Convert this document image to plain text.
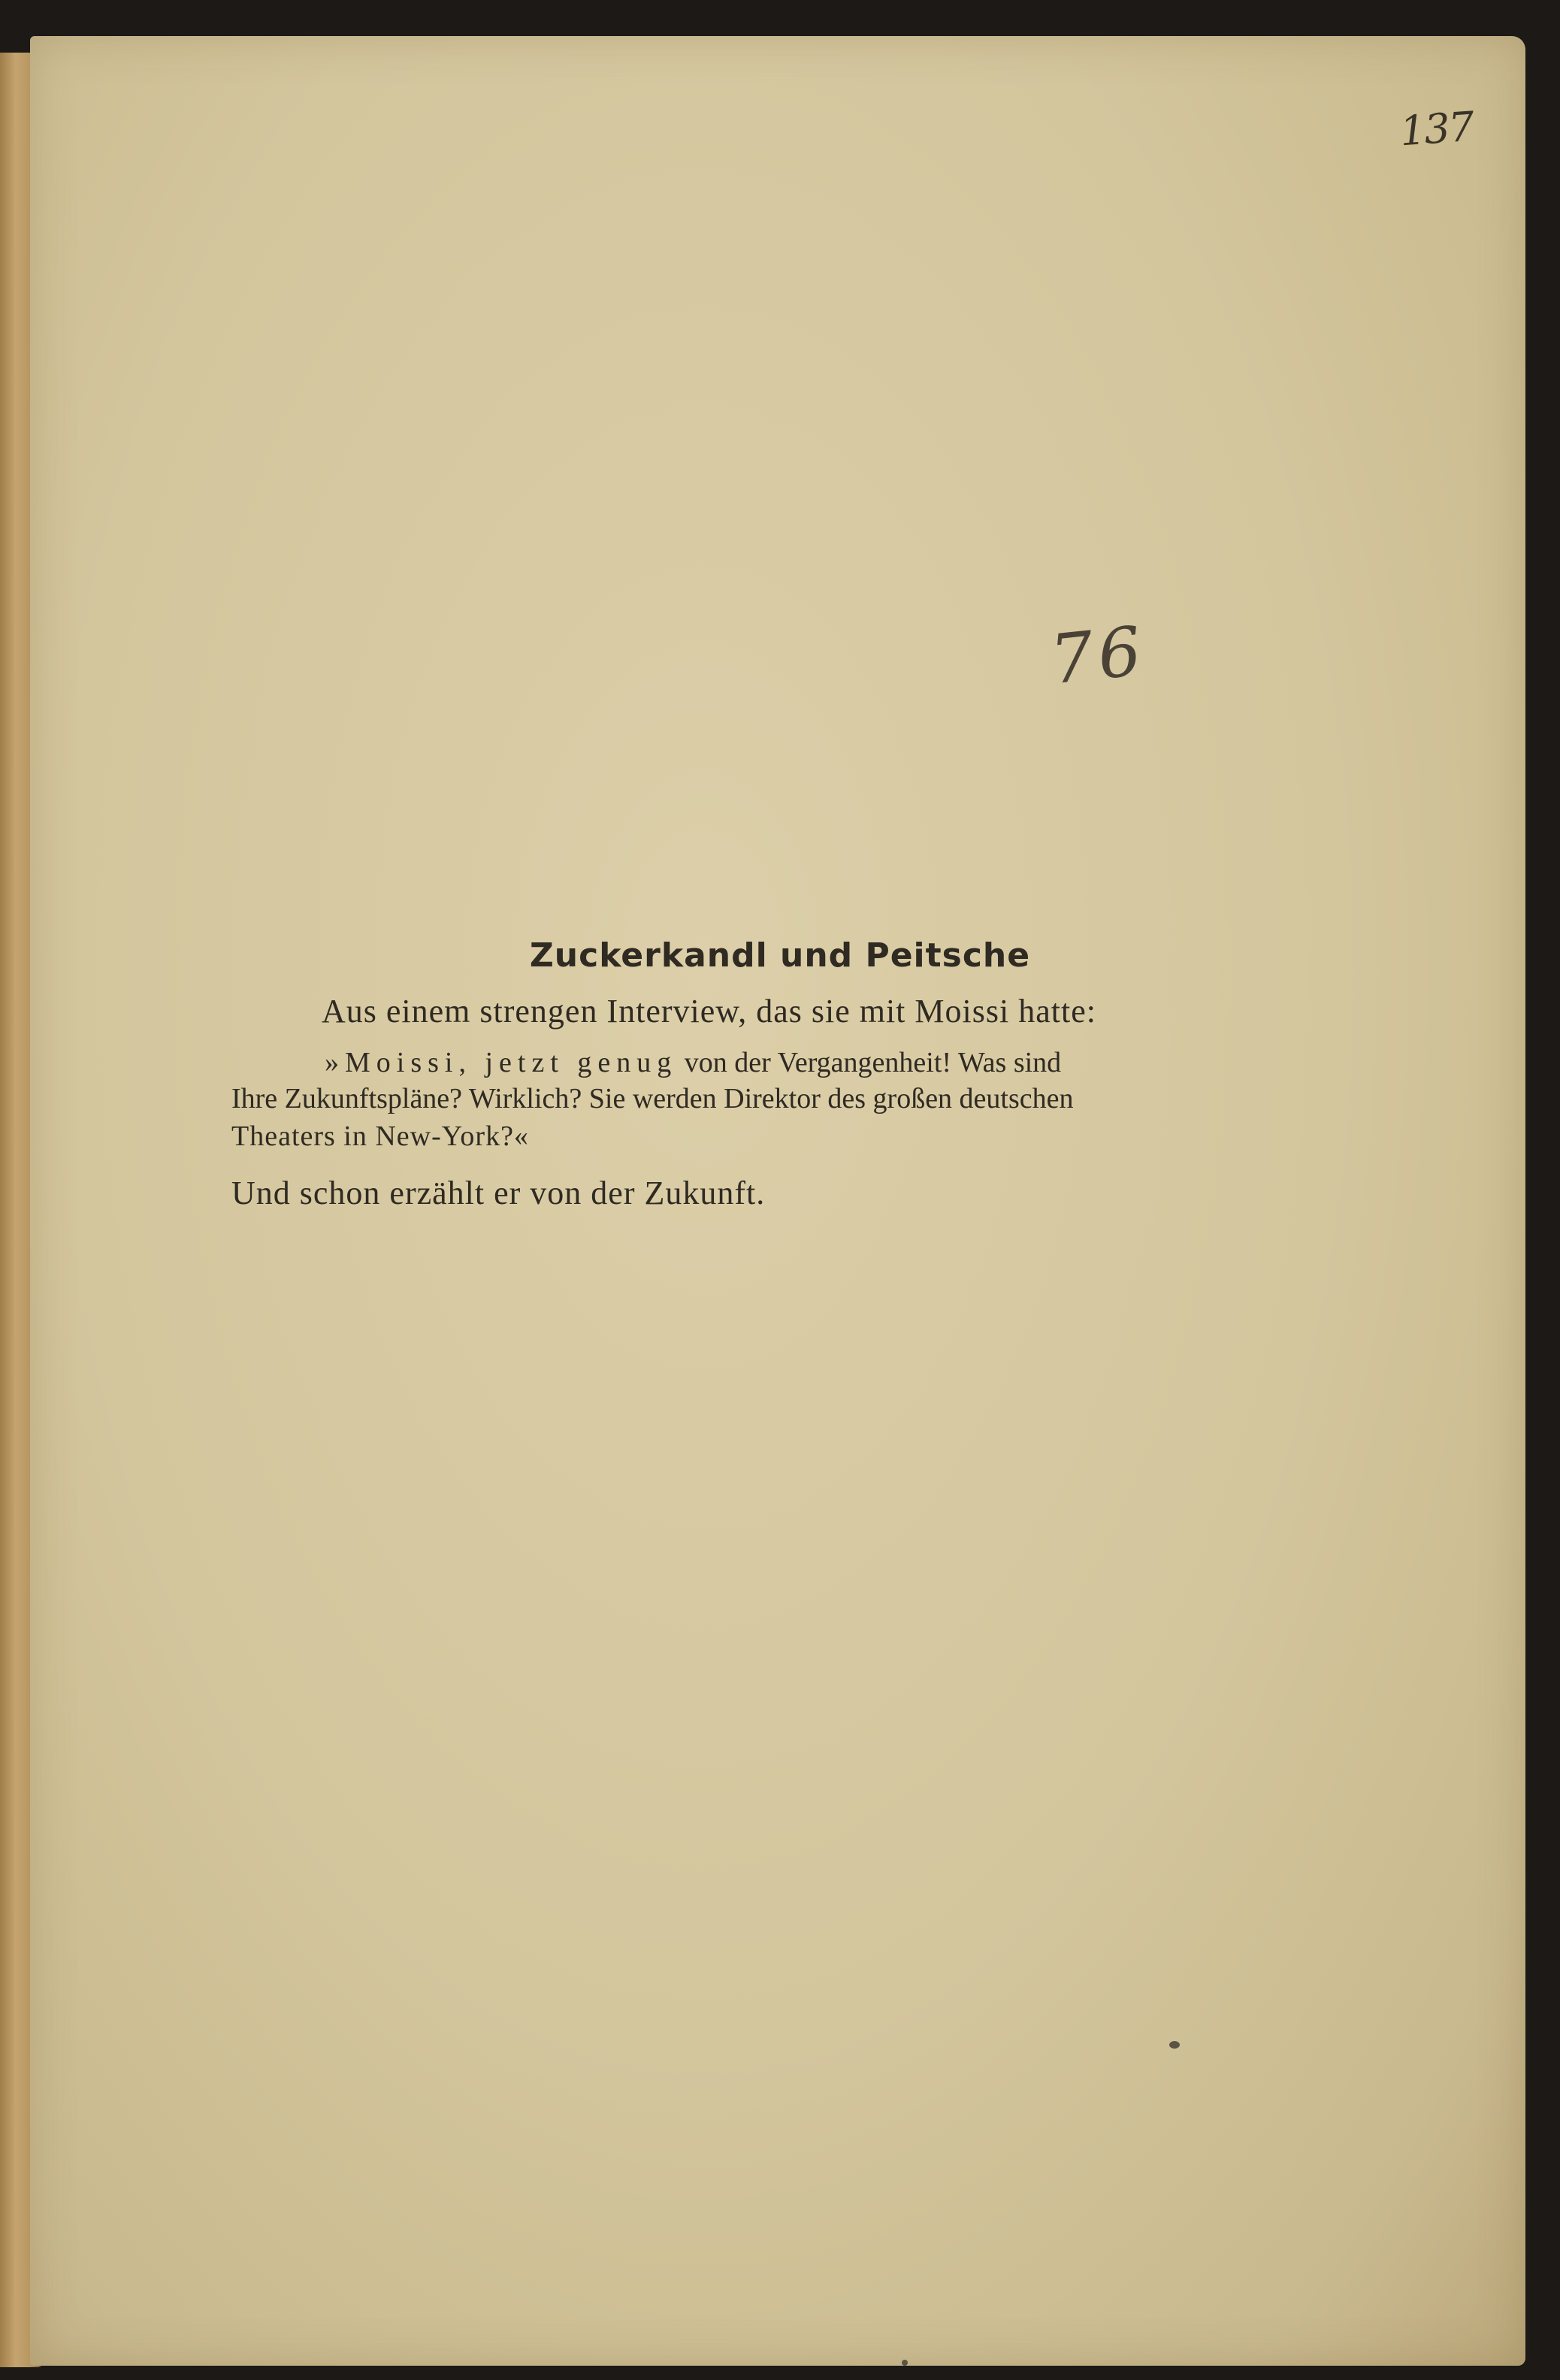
137
76
Zuckerkandl und Peitsche
Aus einem strengen Interview, das sie mit Moissi hatte:
»Moissi, jetzt genug von der Vergangenheit! Was sind
Ihre Zukunftspläne? Wirklich? Sie werden Direktor des großen deutschen
Theaters in New-York?«
Und schon erzählt er von der Zukunft.
